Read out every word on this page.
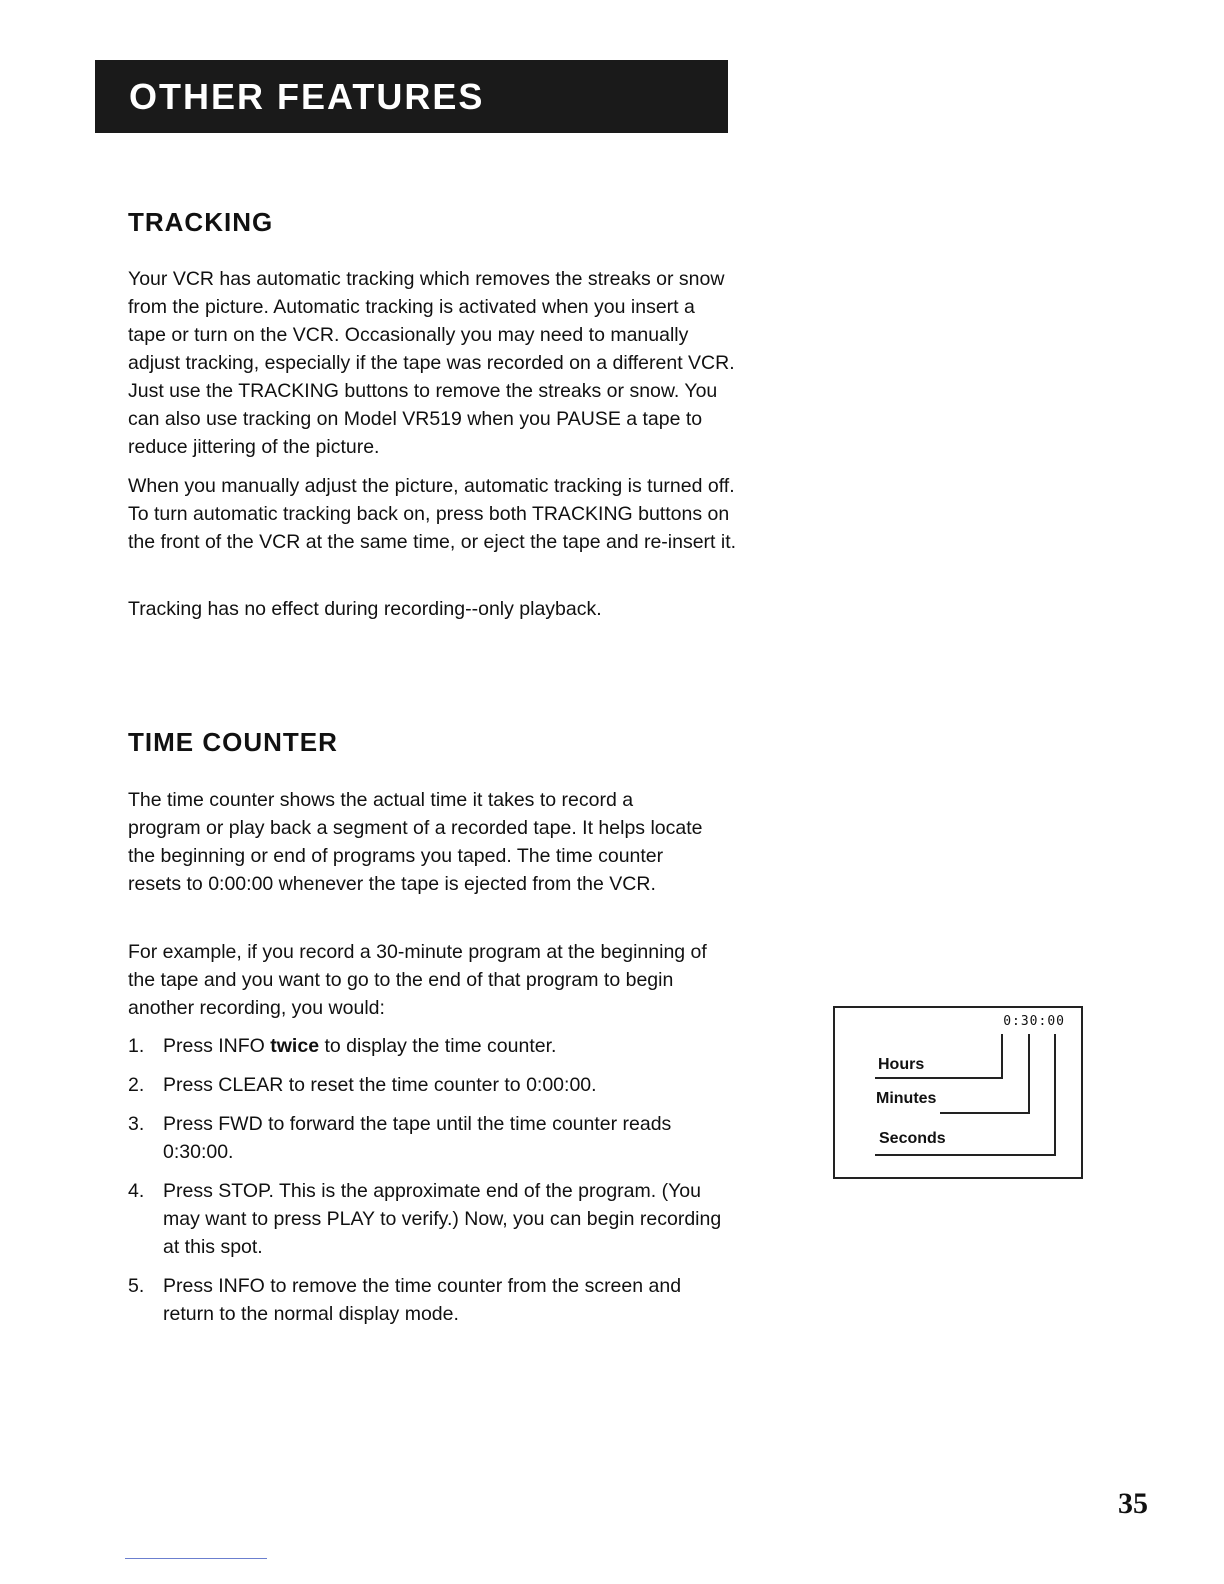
OTHER FEATURES
TRACKING

Your VCR has automatic tracking which removes the streaks or snow from the picture. Automatic tracking is activated when you insert a tape or turn on the VCR. Occasionally you may need to manually adjust tracking, especially if the tape was recorded on a different VCR. Just use the TRACKING buttons to remove the streaks or snow. You can also use tracking on Model VR519 when you PAUSE a tape to reduce jittering of the picture.

When you manually adjust the picture, automatic tracking is turned off. To turn automatic tracking back on, press both TRACKING buttons on the front of the VCR at the same time, or eject the tape and re-insert it.

Tracking has no effect during recording--only playback.

TIME COUNTER

The time counter shows the actual time it takes to record a program or play back a segment of a recorded tape. It helps locate the beginning or end of programs you taped. The time counter resets to 0:00:00 whenever the tape is ejected from the VCR.

For example, if you record a 30-minute program at the beginning of the tape and you want to go to the end of that program to begin another recording, you would:

1. Press INFO twice to display the time counter.
2. Press CLEAR to reset the time counter to 0:00:00.
3. Press FWD to forward the tape until the time counter reads 0:30:00.
4. Press STOP. This is the approximate end of the program. (You may want to press PLAY to verify.) Now, you can begin recording at this spot.
5. Press INFO to remove the time counter from the screen and return to the normal display mode.
0:30:00
Hours
Minutes
Seconds
35
